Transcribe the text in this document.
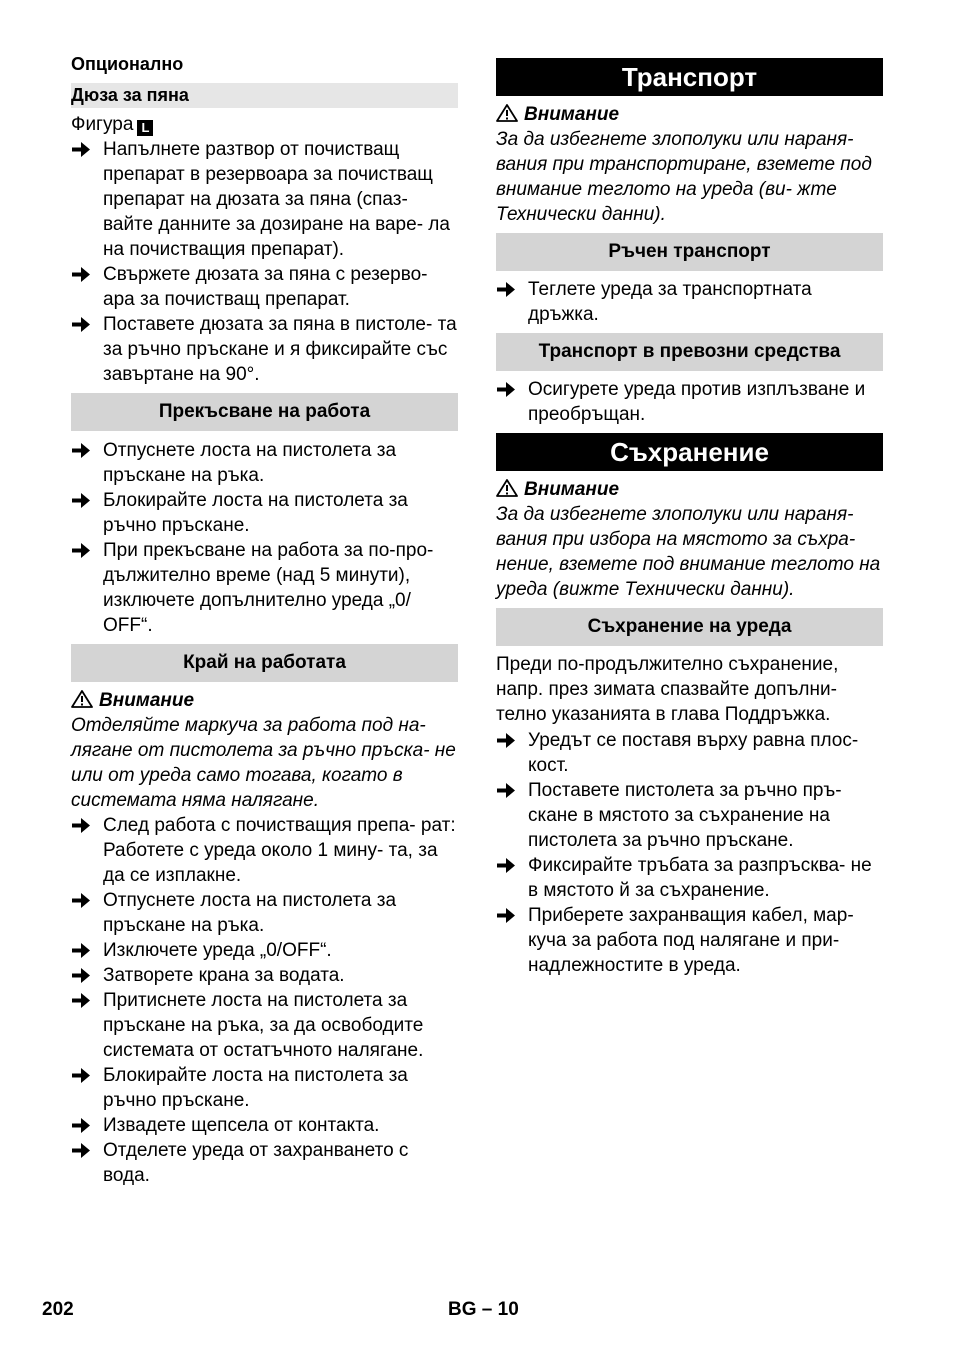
Опционално
Дюза за пяна
Фигура L
Напълнете разтвор от почистващ препарат в резервоара за почистващ препарат на дюзата за пяна (спаз- вайте данните за дозиране на варе- ла на почистващия препарат).
Свържете дюзата за пяна с резерво- ара за почистващ препарат.
Поставете дюзата за пяна в пистоле- та за ръчно пръскане и я фиксирайте със завъртане на 90°.
Прекъсване на работа
Отпуснете лоста на пистолета за пръскане на ръка.
Блокирайте лоста на пистолета за ръчно пръскане.
При прекъсване на работа за по-про- дължително време (над 5 минути), изключете допълнително уреда „0/ OFF“.
Край на работата
Внимание
Отделяйте маркуча за работа под на- лягане от пистолета за ръчно пръска- не или от уреда само тогава, когато в системата няма налягане.
След работа с почистващия препа- рат: Работете с уреда около 1 мину- та, за да се изплакне.
Отпуснете лоста на пистолета за пръскане на ръка.
Изключете уреда „0/OFF“.
Затворете крана за водата.
Притиснете лоста на пистолета за пръскане на ръка, за да освободите системата от остатъчното налягане.
Блокирайте лоста на пистолета за ръчно пръскане.
Извадете щепсела от контакта.
Отделете уреда от захранването с вода.
Транспорт
Внимание
За да избегнете злополуки или нараня- вания при транспортиране, вземете под внимание теглото на уреда (ви- жте Технически данни).
Ръчен транспорт
Теглете уреда за транспортната дръжка.
Транспорт в превозни средства
Осигурете уреда против изплъзване и преобръщан.
Съхранение
Внимание
За да избегнете злополуки или нараня- вания при избора на мястото за съхра- нение, вземете под внимание теглото на уреда (вижте Технически данни).
Съхранение на уреда
Преди по-продължително съхранение, напр. през зимата спазвайте допълни- телно указанията в глава Поддръжка.
Уредът се поставя върху равна плос- кост.
Поставете пистолета за ръчно пръ- скане в мястото за съхранение на пистолета за ръчно пръскане.
Фиксирайте тръбата за разпръсква- не в мястото й за съхранение.
Приберете захранващия кабел, мар- куча за работа под налягане и при- надлежностите в уреда.
202	BG – 10
